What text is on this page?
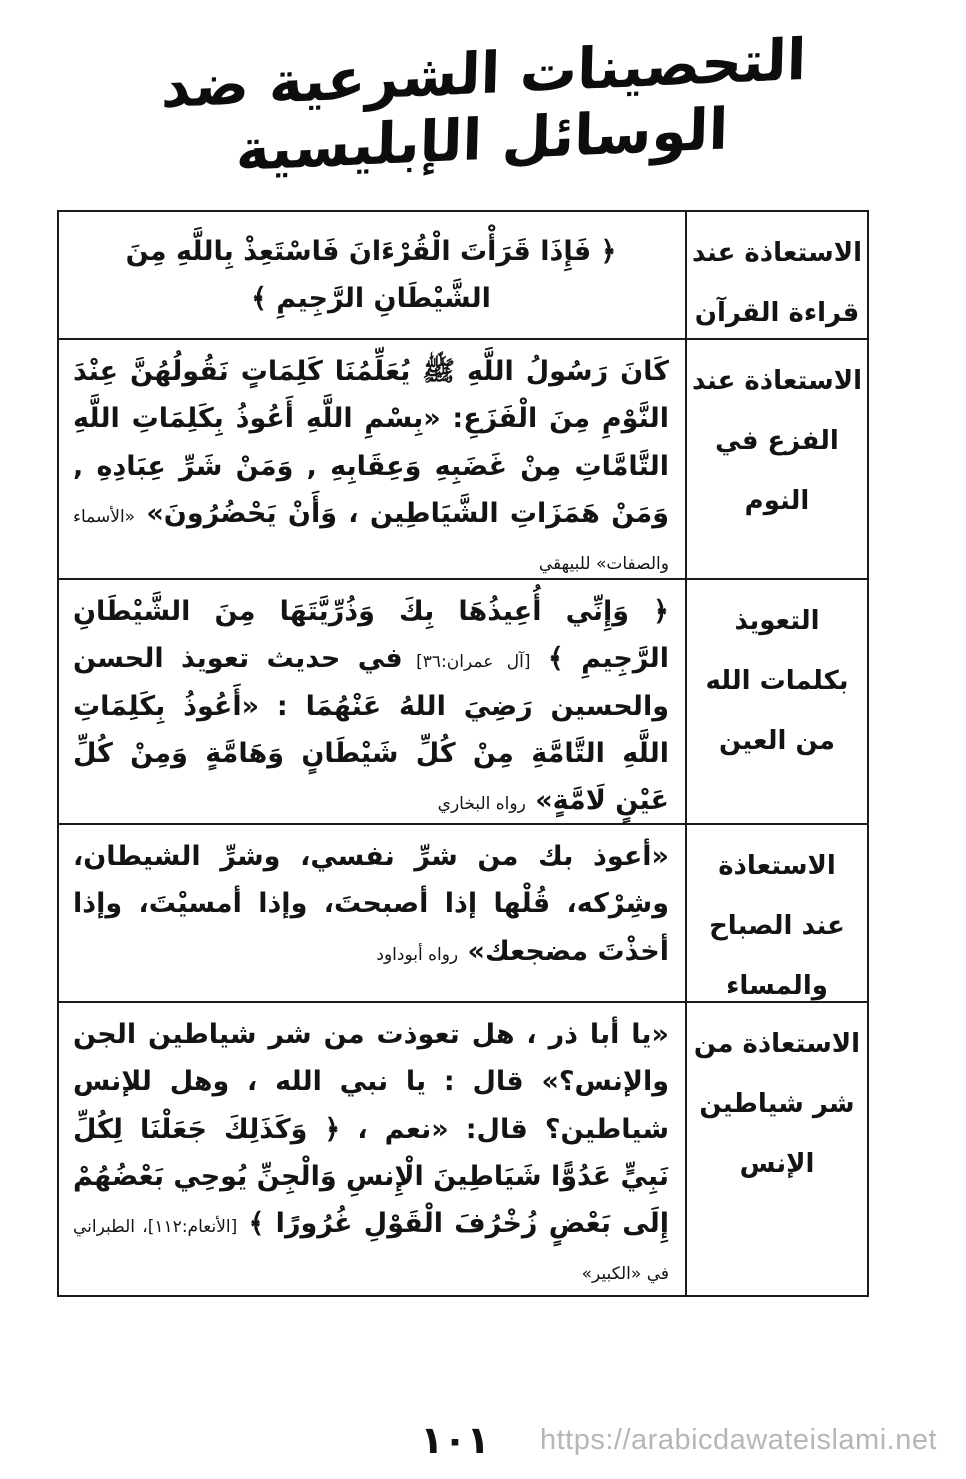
التحصينات الشرعية ضد الوسائل الإبليسية
الاستعاذة عند
قراءة القرآن
﴿ فَإِذَا قَرَأْتَ الْقُرْءَانَ فَاسْتَعِذْ بِاللَّهِ مِنَ الشَّيْطَانِ الرَّجِيمِ ﴾
الاستعاذة عند
الفزع في النوم
كَانَ رَسُولُ اللَّهِ ﷺ يُعَلِّمُنَا كَلِمَاتٍ نَقُولُهُنَّ عِنْدَ النَّوْمِ مِنَ الْفَزَعِ: «بِسْمِ اللَّهِ أَعُوذُ بِكَلِمَاتِ اللَّهِ التَّامَّاتِ مِنْ غَضَبِهِ وَعِقَابِهِ , وَمَنْ شَرِّ عِبَادِهِ , وَمَنْ هَمَزَاتِ الشَّيَاطِين ، وَأَنْ يَحْضُرُونَ» «الأسماء والصفات» للبيهقي
التعويذ
بكلمات الله
من العين
﴿ وَإِنِّي أُعِيذُهَا بِكَ وَذُرِّيَّتَهَا مِنَ الشَّيْطَانِ الرَّجِيمِ ﴾ [آل عمران:٣٦] في حديث تعويذ الحسن والحسين رَضِيَ اللهُ عَنْهُمَا : «أَعُوذُ بِكَلِمَاتِ اللَّهِ التَّامَّةِ مِنْ كُلِّ شَيْطَانٍ وَهَامَّةٍ وَمِنْ كُلِّ عَيْنٍ لَامَّةٍ» رواه البخاري
الاستعاذة
عند الصباح
والمساء
«أعوذ بك من شرِّ نفسي، وشرِّ الشيطان، وشِرْكه، قُلْها إذا أصبحتَ، وإذا أمسيْتَ، وإذا أخذْتَ مضجعك» رواه أبوداود
الاستعاذة من
شر شياطين
الإنس
«يا أبا ذر ، هل تعوذت من شر شياطين الجن والإنس؟» قال : يا نبي الله ، وهل للإنس شياطين؟ قال: «نعم ، ﴿ وَكَذَلِكَ جَعَلْنَا لِكُلِّ نَبِيٍّ عَدُوًّا شَيَاطِينَ الْإِنسِ وَالْجِنِّ يُوحِي بَعْضُهُمْ إِلَى بَعْضٍ زُخْرُفَ الْقَوْلِ غُرُورًا ﴾ [الأنعام:١١٢]، الطبراني في «الكبير»
١٠١	https://arabicdawateislami.net
